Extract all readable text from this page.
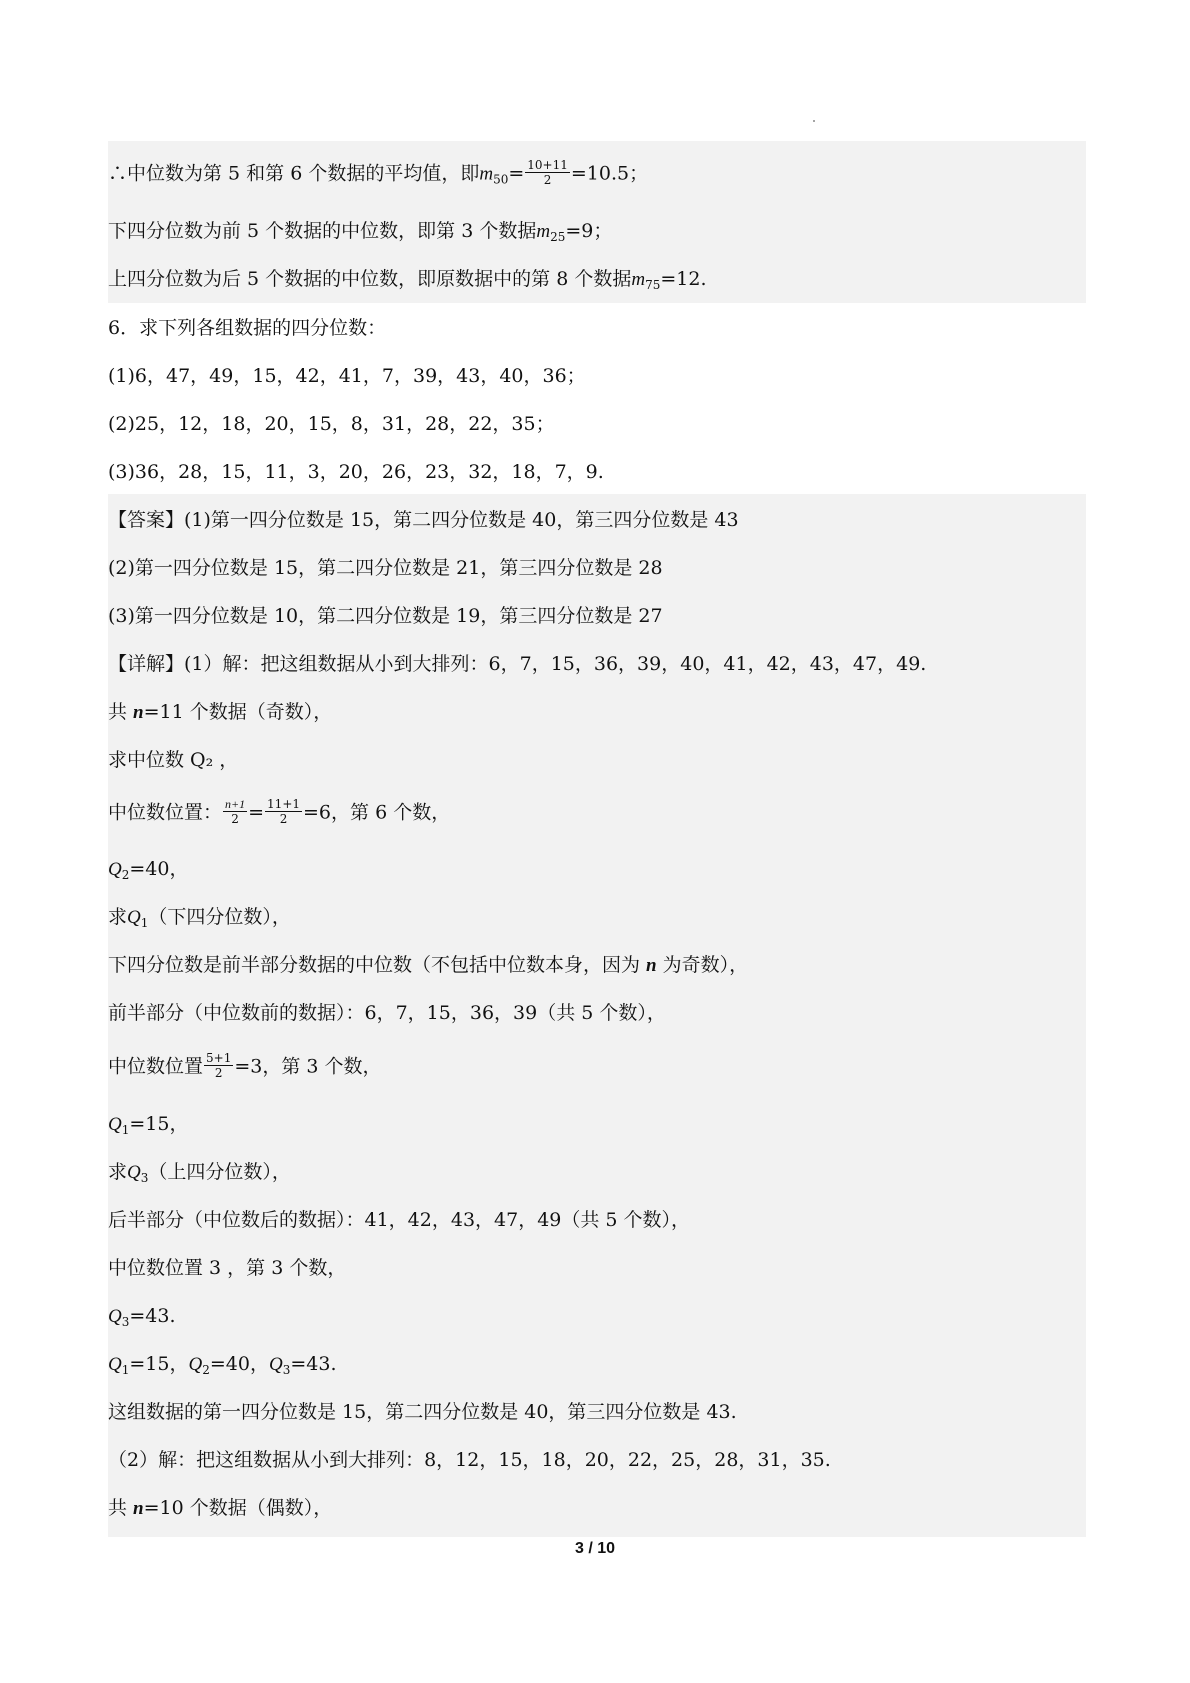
∴中位数为第 5 和第 6 个数据的平均值，即$m_{50}= \frac{10+11}{2} =10.5$；
下四分位数为前 5 个数据的中位数，即第 3 个数据$m_{25}=9$；
上四分位数为后 5 个数据的中位数，即原数据中的第 8 个数据$m_{75}=12$.
6．求下列各组数据的四分位数：
(1)6，47，49，15，42，41，7，39，43，40，36；
(2)25，12，18，20，15，8，31，28，22，35；
(3)36，28，15，11，3，20，26，23，32，18，7，9.
【答案】(1)第一四分位数是 15，第二四分位数是 40，第三四分位数是 43
(2)第一四分位数是 15，第二四分位数是 21，第三四分位数是 28
(3)第一四分位数是 10，第二四分位数是 19，第三四分位数是 27
【详解】(1）解：把这组数据从小到大排列：6，7，15，36，39，40，41，42，43，47，49.
共 n=11 个数据（奇数），
求中位数 Q₂ ，
中位数位置： $\frac{n+1}{2} = \frac{11+1}{2} =6$，第 6 个数，
$Q_2=40$，
求$Q_1$（下四分位数），
下四分位数是前半部分数据的中位数（不包括中位数本身，因为 n 为奇数），
前半部分（中位数前的数据）：6，7，15，36，39（共 5 个数），
中位数位置 $\frac{5+1}{2} =3$，第 3 个数，
$Q_1=15$，
求$Q_3$（上四分位数），
后半部分（中位数后的数据）：41，42，43，47，49（共 5 个数），
中位数位置 3 ，第 3 个数，
$Q_3=43$.
$Q_1=15$，$Q_2=40$，$Q_3=43$.
这组数据的第一四分位数是 15，第二四分位数是 40，第三四分位数是 43.
（2）解：把这组数据从小到大排列：8，12，15，18，20，22，25，28，31，35.
共 n=10 个数据（偶数），
3 / 10
